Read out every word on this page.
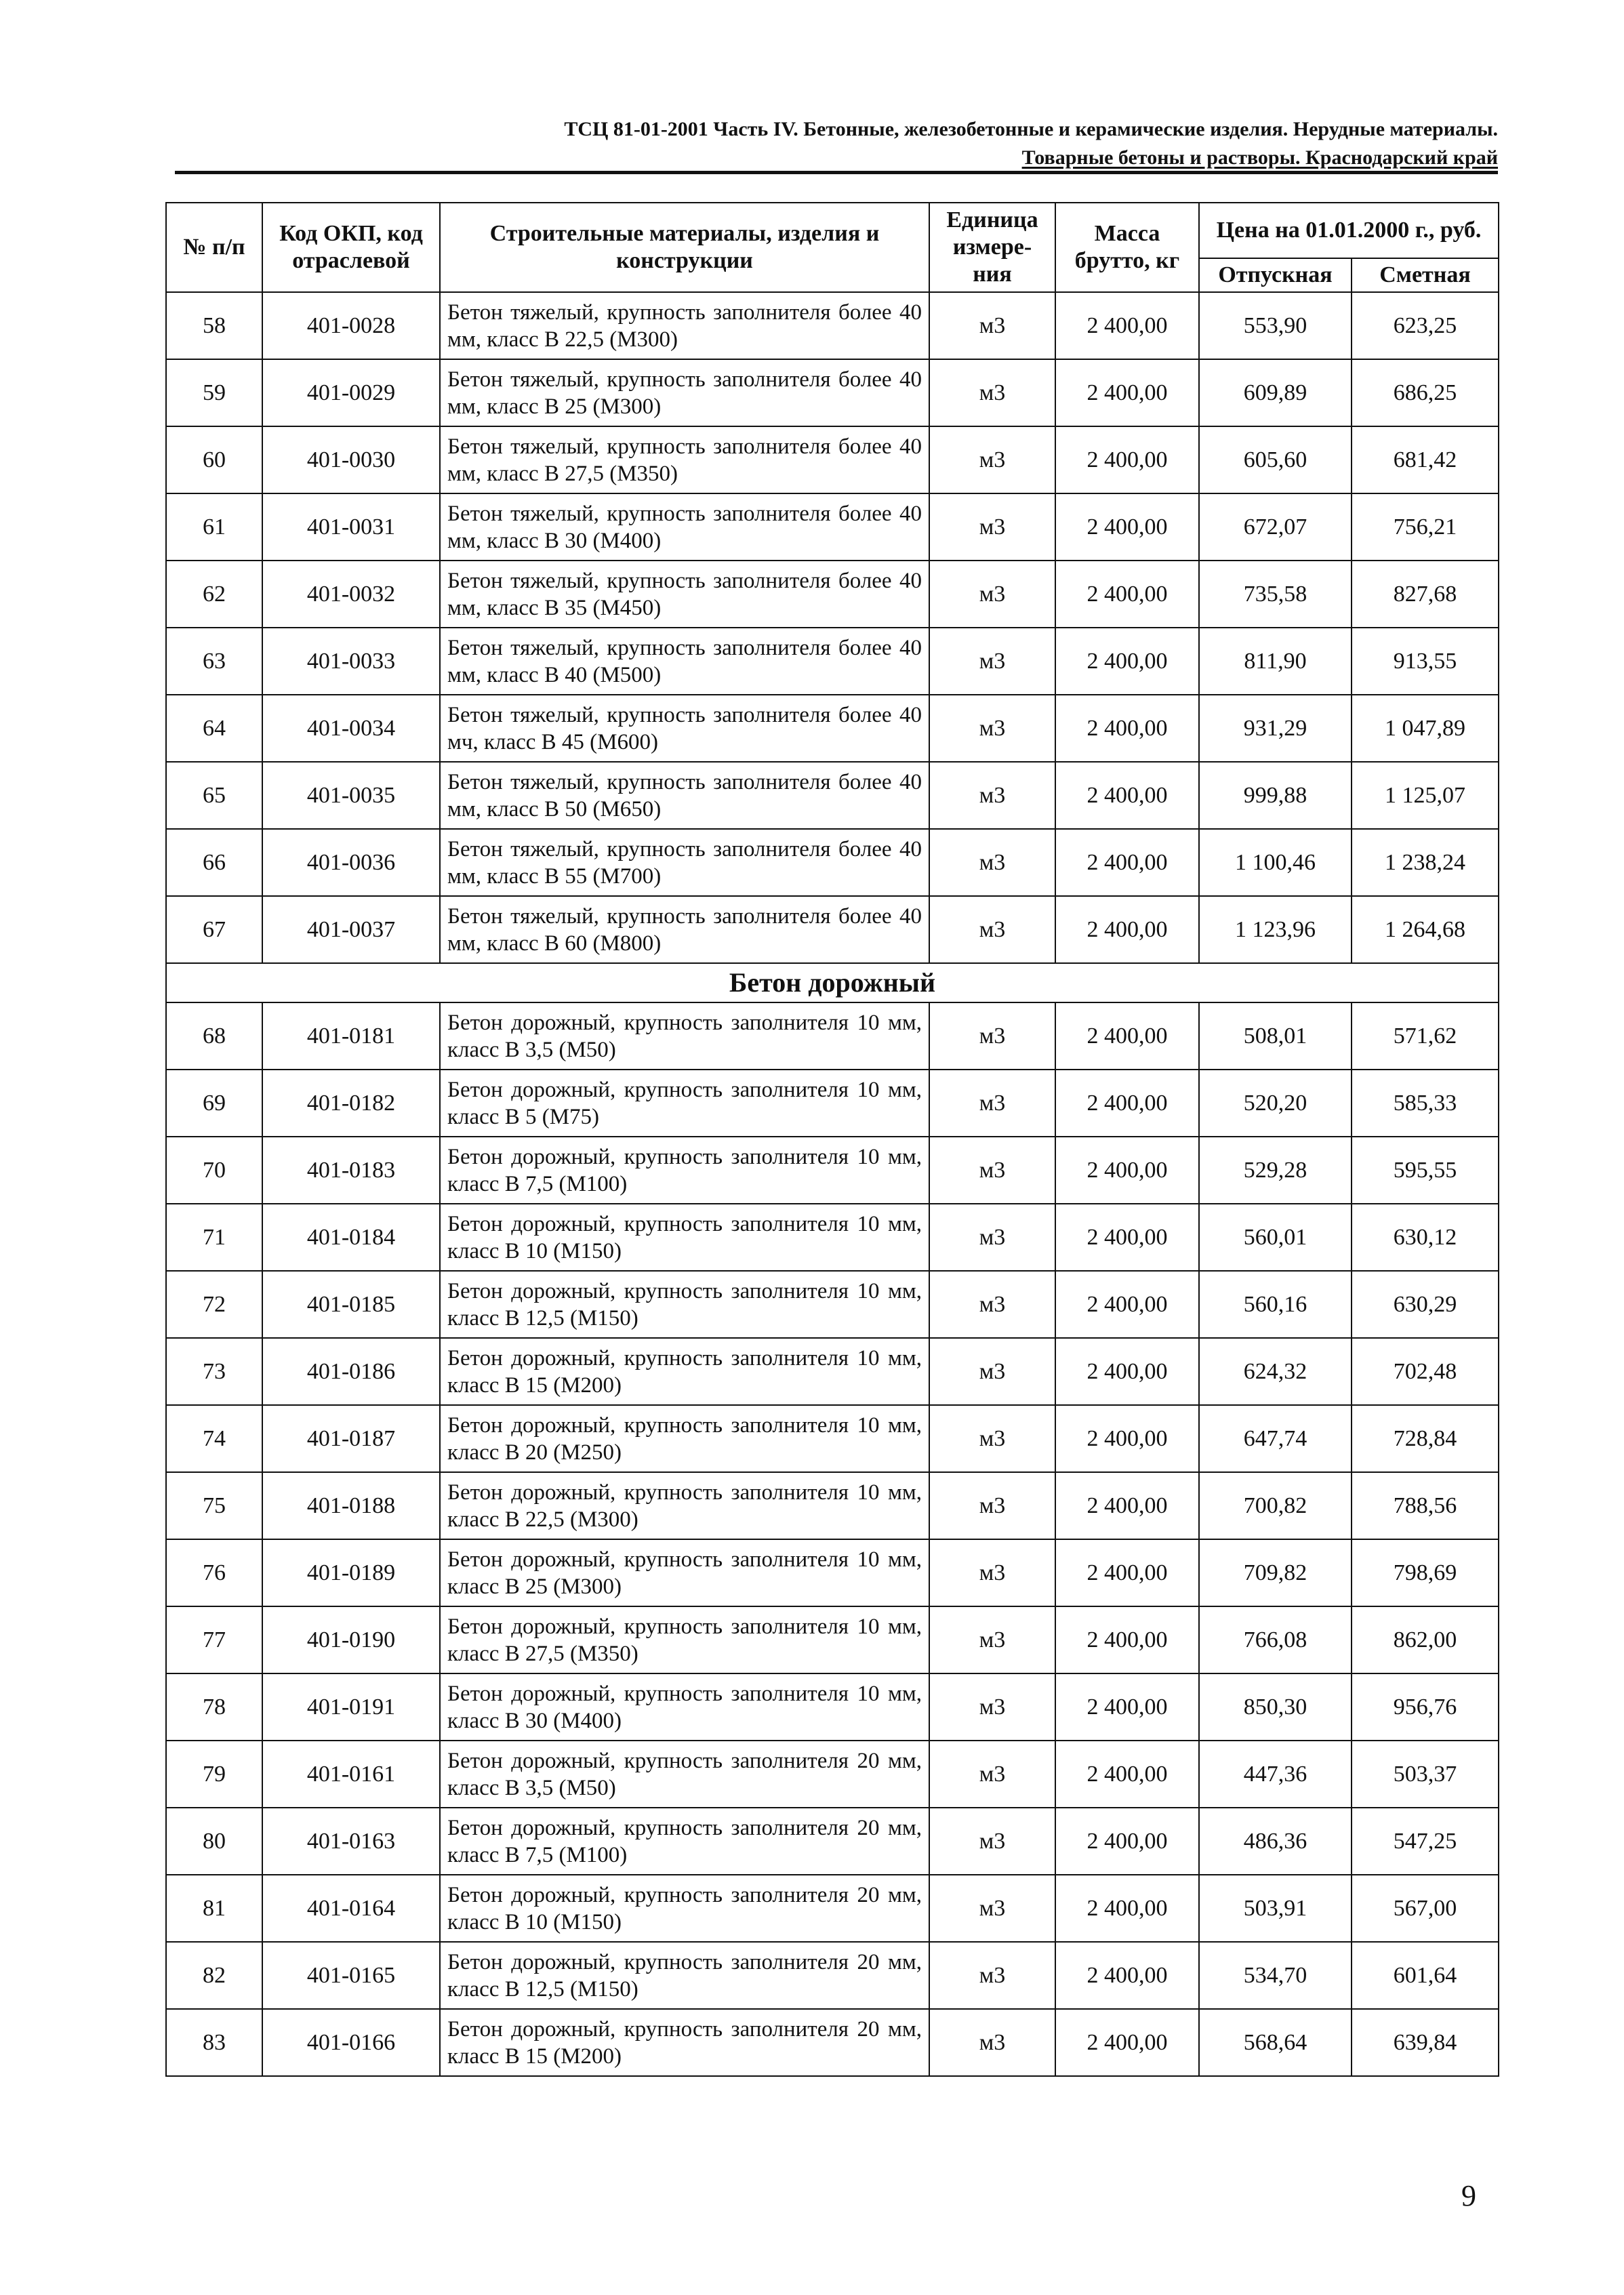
ТСЦ 81-01-2001 Часть IV. Бетонные, железобетонные и керамические изделия. Нерудные материалы.
Товарные бетоны и растворы. Краснодарский край
№ п/п	Код ОКП, код отраслевой	Строительные материалы, изделия и конструкции	Единица измере-ния	Масса брутто, кг	Цена на 01.01.2000 г., руб.	
					Отпускная	Сметная
58	401-0028	Бетон тяжелый, крупность заполнителя более 40 мм, класс В 22,5 (М300)	м3	2 400,00	553,90	623,25
59	401-0029	Бетон тяжелый, крупность заполнителя более 40 мм, класс В 25 (М300)	м3	2 400,00	609,89	686,25
60	401-0030	Бетон тяжелый, крупность заполнителя более 40 мм, класс В 27,5 (М350)	м3	2 400,00	605,60	681,42
61	401-0031	Бетон тяжелый, крупность заполнителя более 40 мм, класс В 30 (М400)	м3	2 400,00	672,07	756,21
62	401-0032	Бетон тяжелый, крупность заполнителя более 40 мм, класс В 35 (М450)	м3	2 400,00	735,58	827,68
63	401-0033	Бетон тяжелый, крупность заполнителя более 40 мм, класс В 40 (М500)	м3	2 400,00	811,90	913,55
64	401-0034	Бетон тяжелый, крупность заполнителя более 40 мч, класс В 45 (М600)	м3	2 400,00	931,29	1 047,89
65	401-0035	Бетон тяжелый, крупность заполнителя более 40 мм, класс В 50 (М650)	м3	2 400,00	999,88	1 125,07
66	401-0036	Бетон тяжелый, крупность заполнителя более 40 мм, класс В 55 (М700)	м3	2 400,00	1 100,46	1 238,24
67	401-0037	Бетон тяжелый, крупность заполнителя более 40 мм, класс В 60 (М800)	м3	2 400,00	1 123,96	1 264,68
Бетон дорожный						
68	401-0181	Бетон дорожный, крупность заполнителя 10 мм, класс В 3,5 (М50)	м3	2 400,00	508,01	571,62
69	401-0182	Бетон дорожный, крупность заполнителя 10 мм, класс В 5 (М75)	м3	2 400,00	520,20	585,33
70	401-0183	Бетон дорожный, крупность заполнителя 10 мм, класс В 7,5 (М100)	м3	2 400,00	529,28	595,55
71	401-0184	Бетон дорожный, крупность заполнителя 10 мм, класс В 10 (М150)	м3	2 400,00	560,01	630,12
72	401-0185	Бетон дорожный, крупность заполнителя 10 мм, класс В 12,5 (М150)	м3	2 400,00	560,16	630,29
73	401-0186	Бетон дорожный, крупность заполнителя 10 мм, класс В 15 (М200)	м3	2 400,00	624,32	702,48
74	401-0187	Бетон дорожный, крупность заполнителя 10 мм, класс В 20 (М250)	м3	2 400,00	647,74	728,84
75	401-0188	Бетон дорожный, крупность заполнителя 10 мм, класс В 22,5 (М300)	м3	2 400,00	700,82	788,56
76	401-0189	Бетон дорожный, крупность заполнителя 10 мм, класс В 25 (М300)	м3	2 400,00	709,82	798,69
77	401-0190	Бетон дорожный, крупность заполнителя 10 мм, класс В 27,5 (М350)	м3	2 400,00	766,08	862,00
78	401-0191	Бетон дорожный, крупность заполнителя 10 мм, класс В 30 (М400)	м3	2 400,00	850,30	956,76
79	401-0161	Бетон дорожный, крупность заполнителя 20 мм, класс В 3,5 (М50)	м3	2 400,00	447,36	503,37
80	401-0163	Бетон дорожный, крупность заполнителя 20 мм, класс В 7,5 (М100)	м3	2 400,00	486,36	547,25
81	401-0164	Бетон дорожный, крупность заполнителя 20 мм, класс В 10 (М150)	м3	2 400,00	503,91	567,00
82	401-0165	Бетон дорожный, крупность заполнителя 20 мм, класс В 12,5 (М150)	м3	2 400,00	534,70	601,64
83	401-0166	Бетон дорожный, крупность заполнителя 20 мм, класс В 15 (М200)	м3	2 400,00	568,64	639,84
9
